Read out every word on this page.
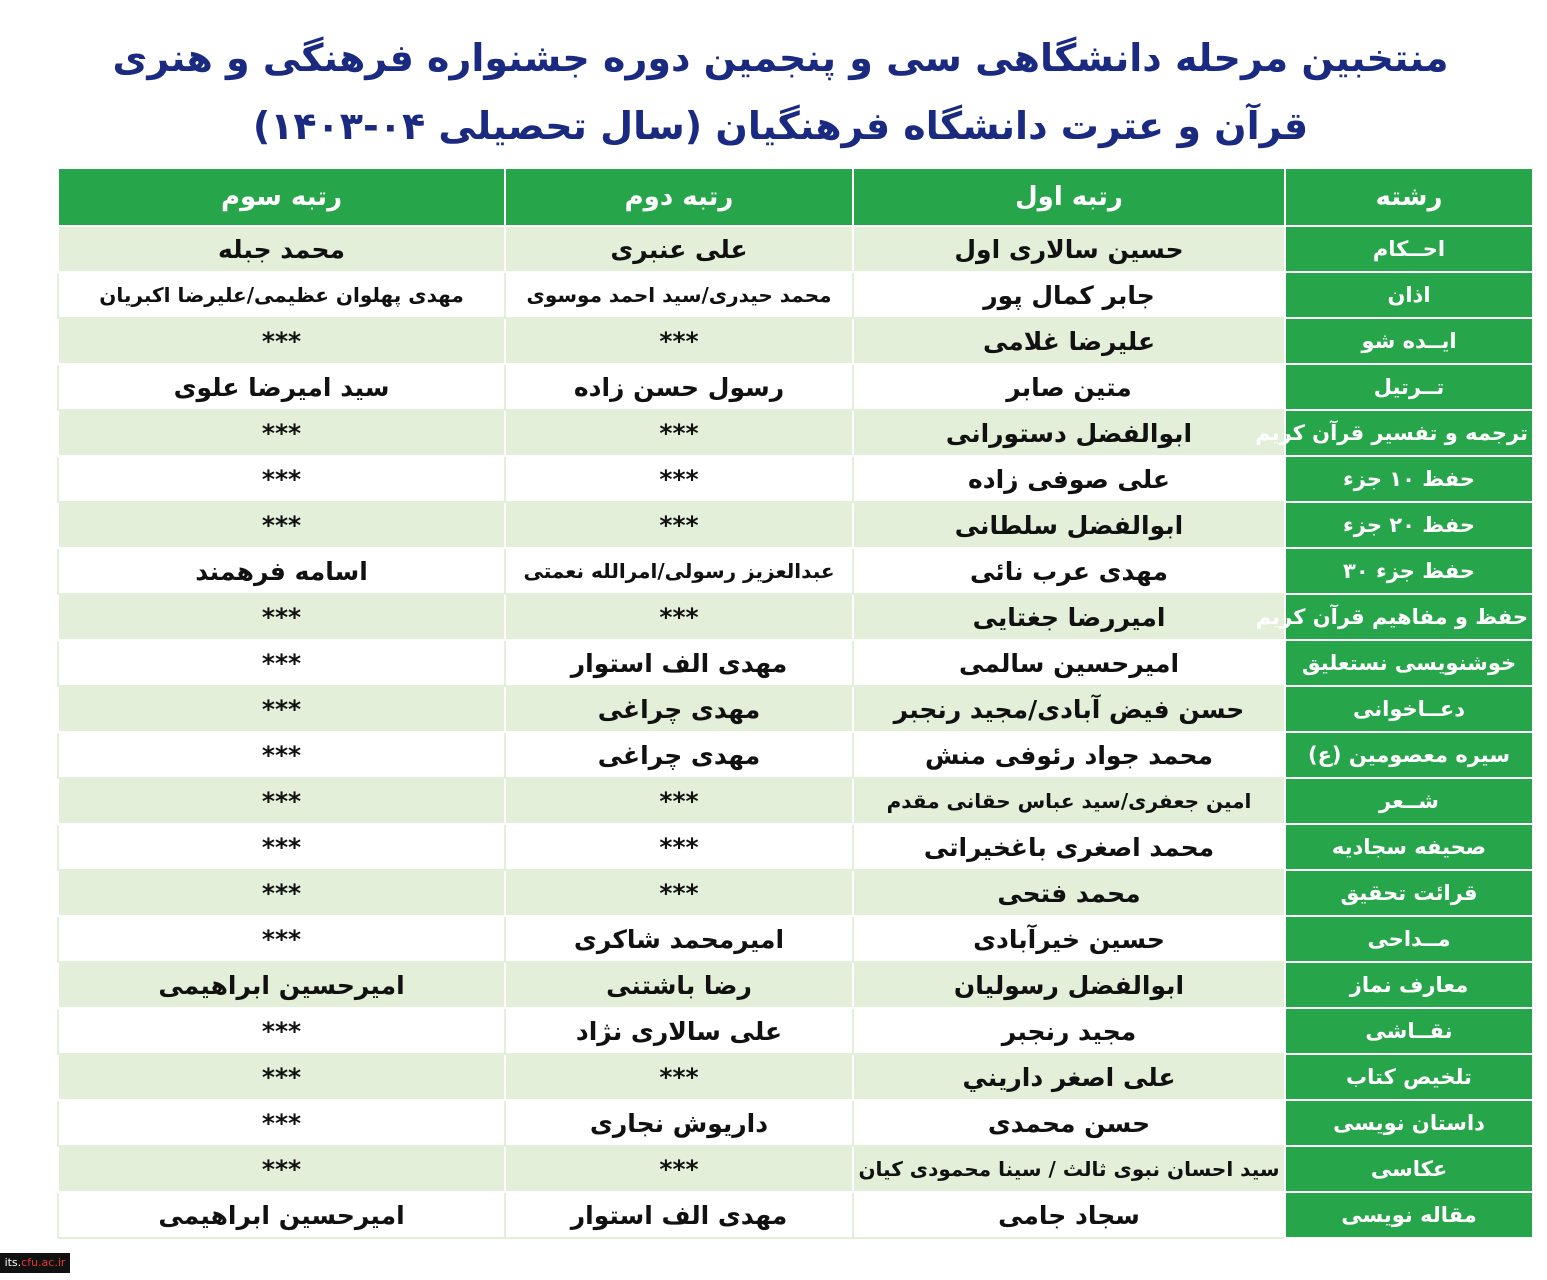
منتخبین مرحله دانشگاهی سی و پنجمین دوره جشنواره فرهنگی و هنری
قرآن و عترت دانشگاه فرهنگیان (سال تحصیلی ۰۴-۱۴۰۳)
رشته	رتبه اول	رتبه دوم	رتبه سوم
احــکام	حسین سالاری اول	علی عنبری	محمد جبله
اذان	جابر کمال پور	محمد حیدری/سید احمد موسوی	مهدی پهلوان عظیمی/علیرضا اکبریان
ایــده شو	علیرضا غلامی	***	***
تــرتیل	متین صابر	رسول حسن زاده	سید امیرضا علوی
ترجمه و تفسیر قرآن کریم	ابوالفضل دستورانی	***	***
حفظ ۱۰ جزء	علی صوفی زاده	***	***
حفظ ۲۰ جزء	ابوالفضل سلطانی	***	***
حفظ جزء ۳۰	مهدی عرب نائی	عبدالعزیز رسولی/امرالله نعمتی	اسامه فرهمند
حفظ و مفاهیم قرآن کریم	امیررضا جغتایی	***	***
خوشنویسی نستعلیق	امیرحسین سالمی	مهدی الف استوار	***
دعــاخوانی	حسن فیض آبادی/مجید رنجبر	مهدی چراغی	***
سیره معصومین (ع)	محمد جواد رئوفی منش	مهدی چراغی	***
شــعر	امین جعفری/سید عباس حقانی مقدم	***	***
صحیفه سجادیه	محمد اصغری باغخیراتی	***	***
قرائت تحقیق	محمد فتحی	***	***
مــداحی	حسین خیرآبادی	امیرمحمد شاکری	***
معارف نماز	ابوالفضل رسولیان	رضا باشتنی	امیرحسین ابراهیمی
نقــاشی	مجید رنجبر	علی سالاری نژاد	***
تلخیص کتاب	علی اصغر داریني	***	***
داستان نویسی	حسن محمدی	داریوش نجاری	***
عکاسی	سید احسان نبوی ثالث / سینا محمودی کیان	***	***
مقاله نویسی	سجاد جامی	مهدی الف استوار	امیرحسین ابراهیمی
its.cfu.ac.ir
